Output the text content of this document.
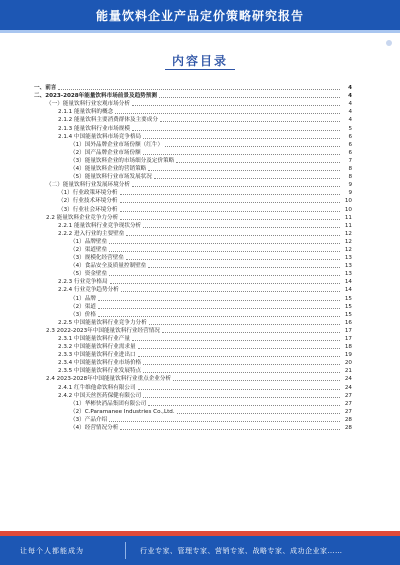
能量饮料企业产品定价策略研究报告
内容目录
一、前言	4
二、2023-2028年能量饮料市场前景及趋势预测	4
（一）能量饮料行业宏观市场分析	4
2.1.1 能量饮料的概念	4
2.1.2 能量饮料主要消费群体及主要成分	4
2.1.3 能量饮料行业市场规模	5
2.1.4 中国能量饮料市场竞争格局	6
（1）国外品牌企业市场份额（红牛）	6
（2）国产品牌企业市场份额	6
（3）能量饮料企业的市场细分及定价策略	7
（4）能量饮料企业的营销策略	8
（5）能量饮料行业市场发展状况	8
（二）能量饮料行业发展环境分析	9
（1）行业政策环境分析	9
（2）行业技术环境分析	10
（3）行业社会环境分析	10
2.2 能量饮料企业竞争力分析	11
2.2.1 能量饮料行业竞争现状分析	11
2.2.2 进入行业的主要壁垒	12
（1）品牌壁垒	12
（2）渠道壁垒	12
（3）规模化经营壁垒	13
（4）食品安全及质量控制壁垒	13
（5）资金壁垒	13
2.2.3 行业竞争格局	14
2.2.4 行业竞争趋势分析	14
（1）品牌	15
（2）渠道	15
（3）价格	15
2.2.5 中国能量饮料行业竞争力分析	16
2.3 2022-2023年中国能量饮料行业经营情况	17
2.3.1 中国能量饮料行业产量	17
2.3.2 中国能量饮料行业需求量	18
2.3.3 中国能量饮料行业进出口	19
2.3.4 中国能量饮料行业市场价格	20
2.3.5 中国能量饮料行业发展特点	21
2.4 2023-2028年中国能量饮料行业重点企业分析	24
2.4.1 红牛维他命饮料有限公司	24
2.4.2 中国天丝医药保健有限公司	27
（1）华彬快消品集团有限公司	27
（2）C.Paramanee Industries Co.,Ltd.	27
（3）产品介绍	28
（4）经营情况分析	28
让每个人都能成为	行业专家、管理专家、营销专家、战略专家、成功企业家……
